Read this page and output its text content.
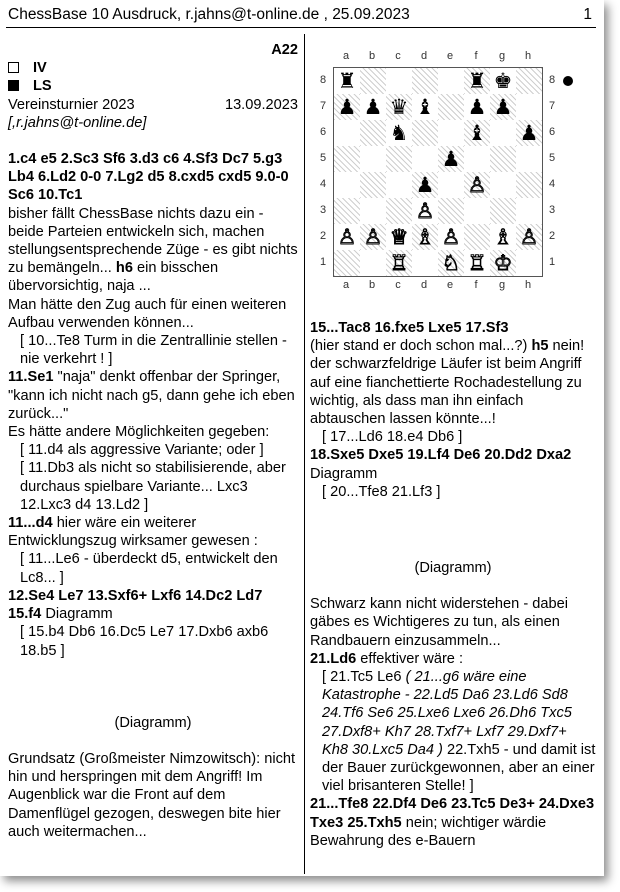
ChessBase 10 Ausdruck, r.jahns@t-online.de , 25.09.2023	1

A22

IV

LS

Vereinsturnier 2023	13.09.2023

[,r.jahns@t-online.de]

1.c4 e5 2.Sc3 Sf6 3.d3 c6 4.Sf3 Dc7 5.g3 Lb4 6.Ld2 0-0 7.Lg2 d5 8.cxd5 cxd5 9.0-0 Sc6 10.Tc1

bisher fällt ChessBase nichts dazu ein - beide Parteien entwickeln sich, machen stellungsentsprechende Züge - es gibt nichts zu bemängeln... h6 ein bisschen übervorsichtig, naja ...

Man hätte den Zug auch für einen weiteren Aufbau verwenden können...

[ 10...Te8 Turm in die Zentrallinie stellen - nie verkehrt ! ]

11.Se1 "naja" denkt offenbar der Springer, "kann ich nicht nach g5, dann gehe ich eben zurück..."

Es hätte andere Möglichkeiten gegeben:

[ 11.d4 als aggressive Variante; oder ]

[ 11.Db3 als nicht so stabilisierende, aber durchaus spielbare Variante... Lxc3 12.Lxc3 d4 13.Ld2 ]

11...d4 hier wäre ein weiterer Entwicklungszug wirksamer gewesen :

[ 11...Le6 - überdeckt d5, entwickelt den Lc8... ]

12.Se4 Le7 13.Sxf6+ Lxf6 14.Dc2 Ld7 15.f4 Diagramm

[ 15.b4 Db6 16.Dc5 Le7 17.Dxb6 axb6 18.b5 ]

(Diagramm)

Grundsatz (Großmeister Nimzowitsch): nicht hin und herspringen mit dem Angriff! Im Augenblick war die Front auf dem Damenflügel gezogen, deswegen bite hier auch weitermachen...

♜	♜ ♚
♟ ♟ ♛ ♝ ♟ ♟
♞	♝ ♟
♟
♟ ♙
♙
♙ ♙ ♕ ♗ ♙ ♗ ♙
♖ ♘ ♖ ♔
a
a
b
b
c
c
d
d
e
e
f
f
g
g
h
h
8	8
7	7
6	6
5	5
4	4
3	3
2	2
1	1

15...Tac8 16.fxe5 Lxe5 17.Sf3

(hier stand er doch schon mal...?) h5 nein! der schwarzfeldrige Läufer ist beim Angriff auf eine fianchettierte Rochadestellung zu wichtig, als dass man ihn einfach abtauschen lassen könnte...!

[ 17...Ld6 18.e4 Db6 ]

18.Sxe5 Dxe5 19.Lf4 De6 20.Dd2 Dxa2 Diagramm

[ 20...Tfe8 21.Lf3 ]

(Diagramm)

Schwarz kann nicht widerstehen - dabei gäbes es Wichtigeres zu tun, als einen Randbauern einzusammeln...

21.Ld6 effektiver wäre :

[ 21.Tc5 Le6 ( 21...g6 wäre eine Katastrophe - 22.Ld5 Da6 23.Ld6 Sd8 24.Tf6 Se6 25.Lxe6 Lxe6 26.Dh6 Txc5 27.Dxf8+ Kh7 28.Txf7+ Lxf7 29.Dxf7+ Kh8 30.Lxc5 Da4 ) 22.Txh5 - und damit ist der Bauer zurückgewonnen, aber an einer viel brisanteren Stelle! ]

21...Tfe8 22.Df4 De6 23.Tc5 De3+ 24.Dxe3 Txe3 25.Txh5 nein; wichtiger wärdie Bewahrung des e-Bauern
